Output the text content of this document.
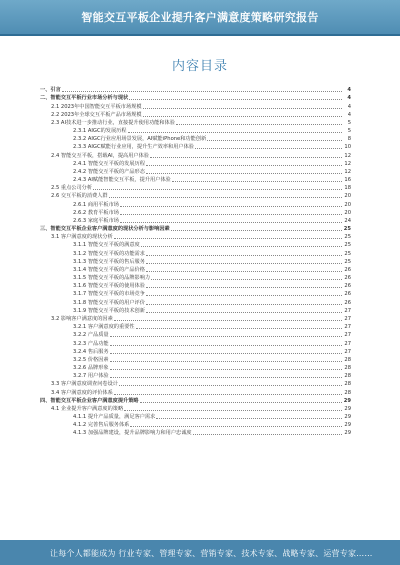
智能交互平板企业提升客户满意度策略研究报告
内容目录
一、引言	4
二、智能交互平板行业市场分析与现状	4
2.1 2023年中国智能交互平板市场规模	4
2.2 2023年全球交互平板产品市场规模	4
2.3 AI技术进一步推动行业，直接提升使用功能和体验	5
2.3.1 AIGC的发展历程	5
2.3.2 AIGC行业应用场景发展，AI赋能iPhone和功能创新	8
2.3.3 AIGC赋能行业应用，提升生产效率和用户体验	10
2.4 智能交互平板，搭载AI，提高用户体验	12
2.4.1 智能交互平板的发展历程	12
2.4.2 智能交互平板的产品形态	12
2.4.3 AI赋能智能交互平板，提升用户体验	16
2.5 重点公司分析	18
2.6 交互平板的消费人群	20
2.6.1 商用平板市场	20
2.6.2 教育平板市场	20
2.6.3 家庭平板市场	24
三、智能交互平板企业客户满意度的现状分析与影响因素	25
3.1 客户满意度的现状分析	25
3.1.1 智能交互平板的满意度	25
3.1.2 智能交互平板的功能需求	25
3.1.3 智能交互平板的售后服务	25
3.1.4 智能交互平板的产品价格	26
3.1.5 智能交互平板的品牌影响力	26
3.1.6 智能交互平板的使用体验	26
3.1.7 智能交互平板的市场竞争	26
3.1.8 智能交互平板的用户评价	26
3.1.9 智能交互平板的技术创新	27
3.2 影响客户满意度的因素	27
3.2.1 客户满意度的重要性	27
3.2.2 产品质量	27
3.2.3 产品功能	27
3.2.4 售后服务	27
3.2.5 价格因素	28
3.2.6 品牌形象	28
3.2.7 用户体验	28
3.3 客户满意度调查问卷设计	28
3.4 客户满意度的评价体系	28
四、智能交互平板企业客户满意度提升策略	29
4.1 企业提升客户满意度的策略	29
4.1.1 提升产品质量，满足客户需求	29
4.1.2 完善售后服务体系	29
4.1.3 加强品牌建设，提升品牌影响力和用户忠诚度	29
让每个人都能成为 行业专家、管理专家、营销专家、技术专家、战略专家、运营专家……
